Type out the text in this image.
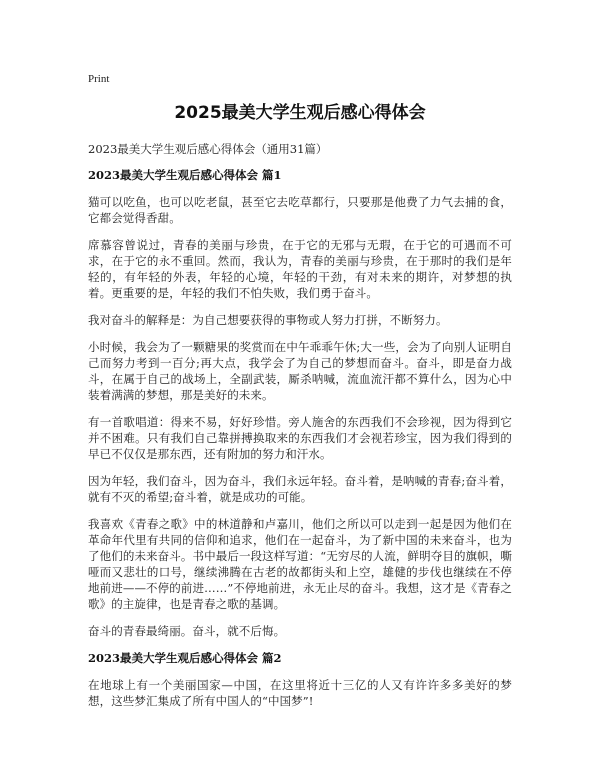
Print
2025最美大学生观后感心得体会
2023最美大学生观后感心得体会（通用31篇）
2023最美大学生观后感心得体会 篇1

猫可以吃鱼，也可以吃老鼠，甚至它去吃草都行，只要那是他费了力气去捕的食，它都会觉得香甜。

席慕容曾说过，青春的美丽与珍贵，在于它的无邪与无瑕，在于它的可遇而不可求，在于它的永不重回。然而，我认为，青春的美丽与珍贵，在于那时的我们是年轻的，有年轻的外表，年轻的心境，年轻的干劲，有对未来的期许，对梦想的执着。更重要的是，年轻的我们不怕失败，我们勇于奋斗。

我对奋斗的解释是：为自己想要获得的事物或人努力打拼，不断努力。

小时候，我会为了一颗糖果的奖赏而在中午乖乖午休;大一些，会为了向别人证明自己而努力考到一百分;再大点，我学会了为自己的梦想而奋斗。奋斗，即是奋力战斗，在属于自己的战场上，全副武装，厮杀呐喊，流血流汗都不算什么，因为心中装着满满的梦想，那是美好的未来。

有一首歌唱道：得来不易，好好珍惜。旁人施舍的东西我们不会珍视，因为得到它并不困难。只有我们自己靠拼搏换取来的东西我们才会视若珍宝，因为我们得到的早已不仅仅是那东西，还有附加的努力和汗水。

因为年轻，我们奋斗，因为奋斗，我们永远年轻。奋斗着，是呐喊的青春;奋斗着，就有不灭的希望;奋斗着，就是成功的可能。

我喜欢《青春之歌》中的林道静和卢嘉川，他们之所以可以走到一起是因为他们在革命年代里有共同的信仰和追求，他们在一起奋斗，为了新中国的未来奋斗，也为了他们的未来奋斗。书中最后一段这样写道：“无穷尽的人流，鲜明夺目的旗帜，嘶哑而又悲壮的口号，继续沸腾在古老的故都街头和上空，雄健的步伐也继续在不停地前进——不停的前进……”不停地前进，永无止尽的奋斗。我想，这才是《青春之歌》的主旋律，也是青春之歌的基调。

奋斗的青春最绮丽。奋斗，就不后悔。

2023最美大学生观后感心得体会 篇2

在地球上有一个美丽国家—中国，在这里将近十三亿的人又有许许多多美好的梦想，这些梦汇集成了所有中国人的“中国梦”!
